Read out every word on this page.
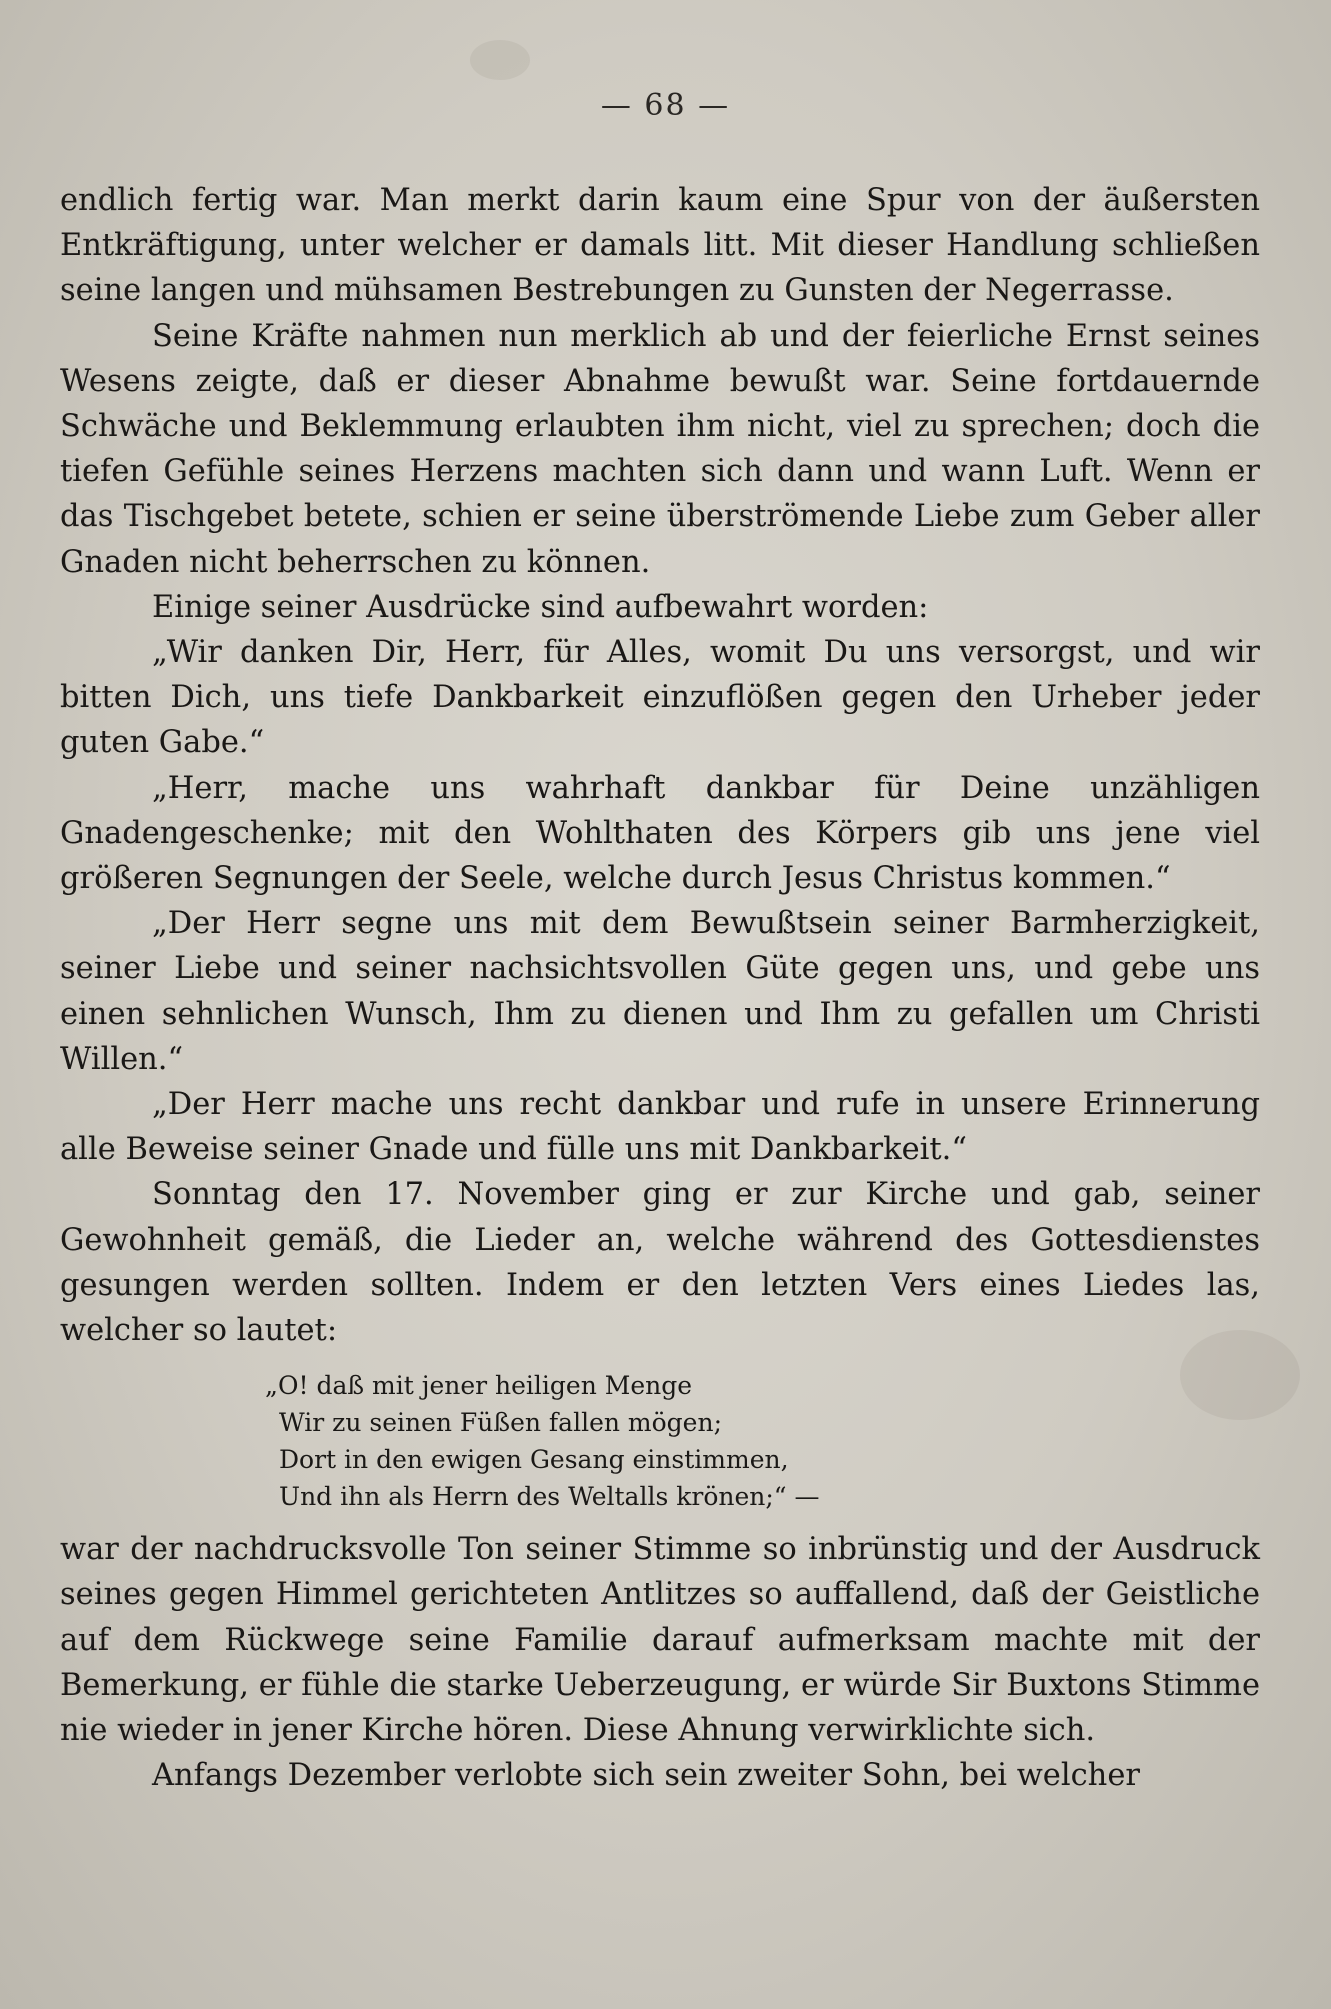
— 68 —

endlich fertig war. Man merkt darin kaum eine Spur von der äußersten Entkräftigung, unter welcher er damals litt. Mit dieser Handlung schließen seine langen und mühsamen Bestrebungen zu Gunsten der Negerrasse.

Seine Kräfte nahmen nun merklich ab und der feierliche Ernst seines Wesens zeigte, daß er dieser Abnahme bewußt war. Seine fortdauernde Schwäche und Beklemmung erlaubten ihm nicht, viel zu sprechen; doch die tiefen Gefühle seines Herzens machten sich dann und wann Luft. Wenn er das Tischgebet betete, schien er seine überströmende Liebe zum Geber aller Gnaden nicht beherrschen zu können.

Einige seiner Ausdrücke sind aufbewahrt worden:

„Wir danken Dir, Herr, für Alles, womit Du uns versorgst, und wir bitten Dich, uns tiefe Dankbarkeit einzuflößen gegen den Urheber jeder guten Gabe.“

„Herr, mache uns wahrhaft dankbar für Deine unzähligen Gnadengeschenke; mit den Wohlthaten des Körpers gib uns jene viel größeren Segnungen der Seele, welche durch Jesus Christus kommen.“

„Der Herr segne uns mit dem Bewußtsein seiner Barmherzigkeit, seiner Liebe und seiner nachsichtsvollen Güte gegen uns, und gebe uns einen sehnlichen Wunsch, Ihm zu dienen und Ihm zu gefallen um Christi Willen.“

„Der Herr mache uns recht dankbar und rufe in unsere Erinnerung alle Beweise seiner Gnade und fülle uns mit Dankbarkeit.“

Sonntag den 17. November ging er zur Kirche und gab, seiner Gewohnheit gemäß, die Lieder an, welche während des Gottesdienstes gesungen werden sollten. Indem er den letzten Vers eines Liedes las, welcher so lautet:

„O! daß mit jener heiligen Menge
Wir zu seinen Füßen fallen mögen;
Dort in den ewigen Gesang einstimmen,
Und ihn als Herrn des Weltalls krönen;“ —

war der nachdrucksvolle Ton seiner Stimme so inbrünstig und der Ausdruck seines gegen Himmel gerichteten Antlitzes so auffallend, daß der Geistliche auf dem Rückwege seine Familie darauf aufmerksam machte mit der Bemerkung, er fühle die starke Ueberzeugung, er würde Sir Buxtons Stimme nie wieder in jener Kirche hören. Diese Ahnung verwirklichte sich.

Anfangs Dezember verlobte sich sein zweiter Sohn, bei welcher
